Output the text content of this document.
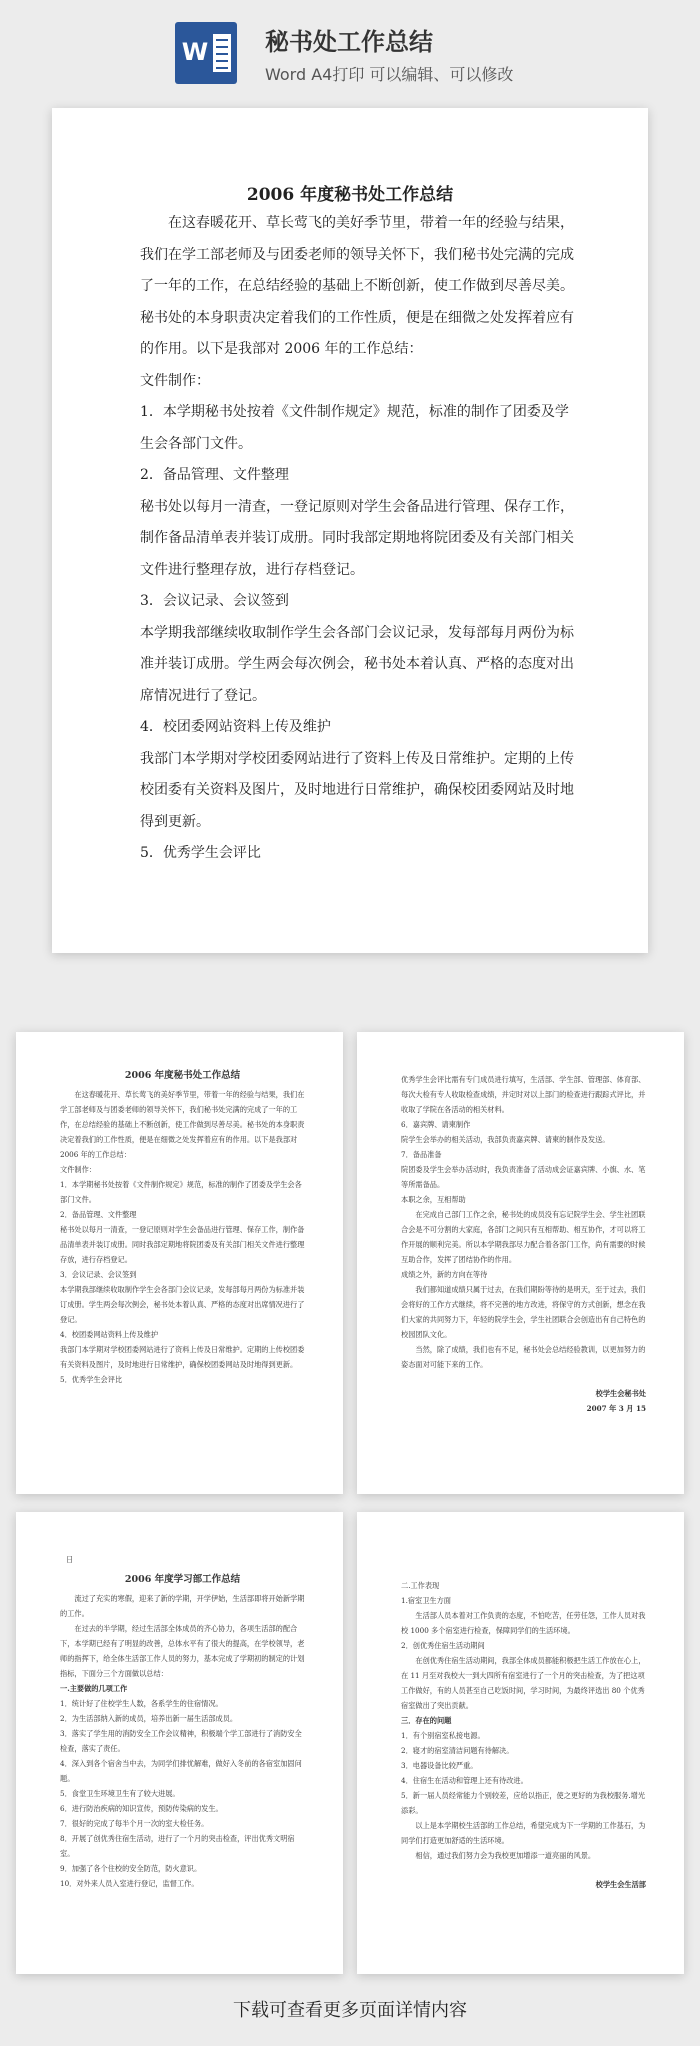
W 秘书处工作总结
Word A4打印 可以编辑、可以修改
2006 年度秘书处工作总结

在这春暖花开、草长莺飞的美好季节里，带着一年的经验与结果，我们在学工部老师及与团委老师的领导关怀下，我们秘书处完满的完成了一年的工作，在总结经验的基础上不断创新，使工作做到尽善尽美。秘书处的本身职责决定着我们的工作性质，便是在细微之处发挥着应有的作用。以下是我部对 2006 年的工作总结：

文件制作：

1．本学期秘书处按着《文件制作规定》规范，标准的制作了团委及学生会各部门文件。

2．备品管理、文件整理

秘书处以每月一清查，一登记原则对学生会备品进行管理、保存工作，制作备品清单表并装订成册。同时我部定期地将院团委及有关部门相关文件进行整理存放，进行存档登记。

3．会议记录、会议签到

本学期我部继续收取制作学生会各部门会议记录，发每部每月两份为标准并装订成册。学生两会每次例会，秘书处本着认真、严格的态度对出席情况进行了登记。

4．校团委网站资料上传及维护

我部门本学期对学校团委网站进行了资料上传及日常维护。定期的上传校团委有关资料及图片，及时地进行日常维护，确保校团委网站及时地得到更新。

5．优秀学生会评比

2006 年度秘书处工作总结

在这春暖花开、草长莺飞的美好季节里，带着一年的经验与结果，我们在学工部老师及与团委老师的领导关怀下，我们秘书处完满的完成了一年的工作，在总结经验的基础上不断创新，使工作做到尽善尽美。秘书处的本身职责决定着我们的工作性质，便是在细微之处发挥着应有的作用。以下是我部对 2006 年的工作总结：

文件制作：

1．本学期秘书处按着《文件制作规定》规范，标准的制作了团委及学生会各部门文件。

2．备品管理、文件整理

秘书处以每月一清查，一登记原则对学生会备品进行管理、保存工作，制作备品清单表并装订成册。同时我部定期地将院团委及有关部门相关文件进行整理存放，进行存档登记。

3．会议记录、会议签到

本学期我部继续收取制作学生会各部门会议记录，发每部每月两份为标准并装订成册。学生两会每次例会，秘书处本着认真、严格的态度对出席情况进行了登记。

4．校团委网站资料上传及维护

我部门本学期对学校团委网站进行了资料上传及日常维护。定期的上传校团委有关资料及图片，及时地进行日常维护，确保校团委网站及时地得到更新。

5．优秀学生会评比

优秀学生会评比需有专门成员进行填写，生活部、学生部、管理部、体育部、每次大检有专人收取检查成绩，并定时对以上部门的检查进行跟踪式评比，并收取了学院在各活动的相关材料。

6．嘉宾牌、请柬制作

院学生会举办的相关活动，我部负责嘉宾牌、请柬的制作及发送。

7．备品准备

院团委及学生会举办活动时，我负责准备了活动成会证嘉宾牌、小旗、水、笔等所需备品。

本职之余，互相帮助

在完成自己部门工作之余，秘书处的成员没有忘记院学生会、学生社团联合会是不可分割的大家庭，各部门之间只有互相帮助、相互协作，才可以将工作开展的顺利完美。所以本学期我部尽力配合着各部门工作，尚有需要的时候互助合作，发挥了团结协作的作用。

成绩之外，新的方向在等待

我们都知道成绩只属于过去，在我们期盼等待的是明天，至于过去，我们会将好的工作方式继续，将不完善的地方改进，将保守的方式创新，想念在我们大家的共同努力下，年轻的院学生会，学生社团联合会创造出有自己特色的校园团队文化。

当然，除了成绩，我们也有不足，秘书处会总结经验教训，以更加努力的姿态面对可能下来的工作。

校学生会秘书处

2007 年 3 月 15

日

2006 年度学习部工作总结

流过了充实的寒假，迎来了新的学期，开学伊始，生活部即将开始新学期的工作。

在过去的半学期，经过生活部全体成员的齐心协力，各项生活部的配合下，本学期已经有了明显的改善，总体水平有了很大的提高，在学校领导，老师的指挥下，给全体生活部工作人员的努力，基本完成了学期初的制定的计划指标，下面分三个方面做以总结：

一.主要做的几项工作

1．统计好了住校学生人数，各系学生的住宿情况。

2．为生活部纳入新的成员，培养出新一届生活部成员。

3．落实了学生用的消防安全工作会议精神，积极端个学工部进行了消防安全检查，落实了责任。

4．深入到各个宿舍当中去，为同学们排忧解难，做好入冬前的各宿室加固问题。

5．食堂卫生环境卫生有了较大进展。

6．进行防治疾病的知识宣传，预防传染病的发生。

7．很好的完成了每半个月一次的室大检任务。

8．开展了创优秀住宿生活动，进行了一个月的突击检查，评出优秀文明宿室。

9．加强了各个住校的安全防范，防火意识。

10．对外来人员入室进行登记，监督工作。

二.工作表现

1.宿室卫生方面

生活部人员本着对工作负责的态度，不怕吃苦，任劳任怨，工作人员对我校 1000 多个宿室进行检查，保障同学们的生活环境。

2．创优秀住宿生活动期间

在创优秀住宿生活动期间，我部全体成员都能积极把生活工作放在心上，在 11 月至对我校大一到大四所有宿室进行了一个月的突击检查，为了把这项工作做好，有的人员甚至自己吃饭时间，学习时间，为最终评选出 80 个优秀宿室做出了突出贡献。

三．存在的问题

1．有个别宿室私接电源。

2．寝才的宿室清洁问题有待解决。

3．电器设备比较严重。

4．住宿生在活动和管理上还有待改进。

5．新一届人员经常能力个别较差，应给以指正，使之更好的为我校服务.增光添彩。

以上是本学期校生活部的工作总结，希望完成为下一学期的工作基石，为同学们打造更加舒适的生活环境。

相信，通过我们努力会为我校更加增添一道亮丽的风景。

校学生会生活部

下载可查看更多页面详情内容
